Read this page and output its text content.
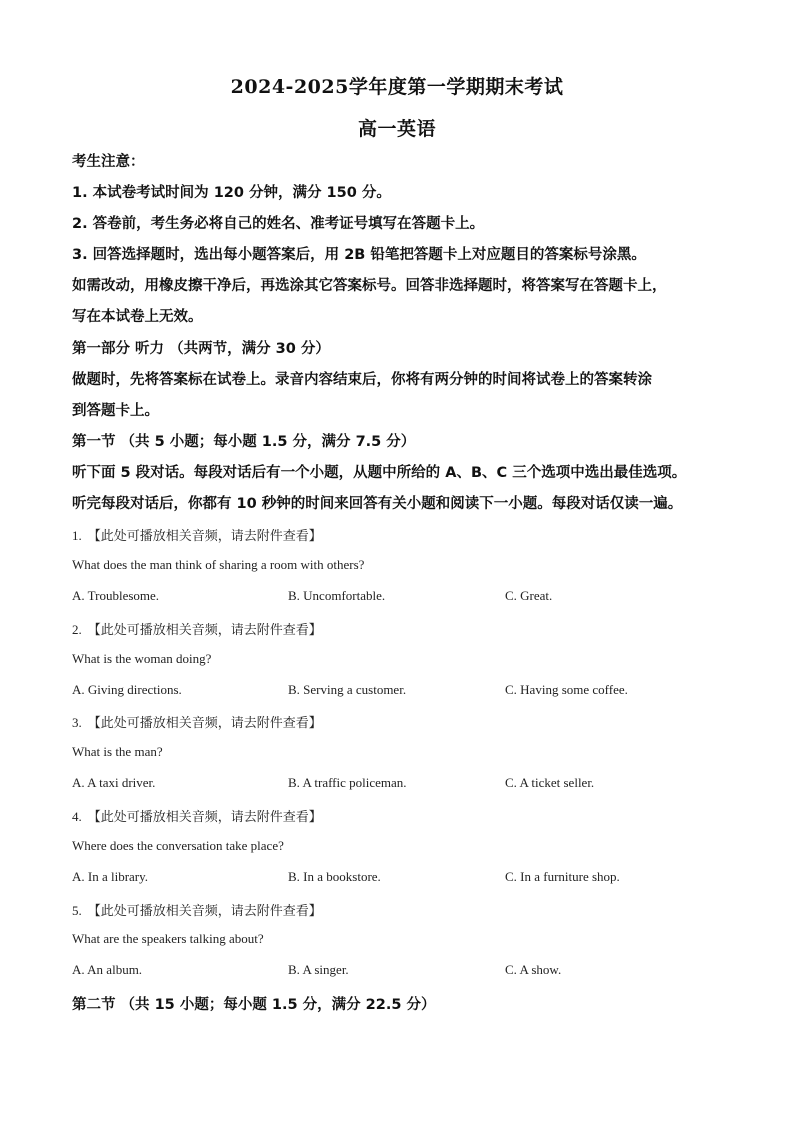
2024-2025学年度第一学期期末考试
高一英语
考生注意：
1. 本试卷考试时间为 120 分钟，满分 150 分。
2. 答卷前，考生务必将自己的姓名、准考证号填写在答题卡上。
3. 回答选择题时，选出每小题答案后，用 2B 铅笔把答题卡上对应题目的答案标号涂黑。
如需改动，用橡皮擦干净后，再选涂其它答案标号。回答非选择题时，将答案写在答题卡上，
写在本试卷上无效。
第一部分 听力 （共两节，满分 30 分）
做题时，先将答案标在试卷上。录音内容结束后，你将有两分钟的时间将试卷上的答案转涂
到答题卡上。
第一节 （共 5 小题；每小题 1.5 分，满分 7.5 分）
听下面 5 段对话。每段对话后有一个小题，从题中所给的 A、B、C 三个选项中选出最佳选项。
听完每段对话后，你都有 10 秒钟的时间来回答有关小题和阅读下一小题。每段对话仅读一遍。
1. 【此处可播放相关音频，请去附件查看】
What does the man think of sharing a room with others?
A. Troublesome.	B. Uncomfortable.	C. Great.
2. 【此处可播放相关音频，请去附件查看】
What is the woman doing?
A. Giving directions.	B. Serving a customer.	C. Having some coffee.
3. 【此处可播放相关音频，请去附件查看】
What is the man?
A. A taxi driver.	B. A traffic policeman.	C. A ticket seller.
4. 【此处可播放相关音频，请去附件查看】
Where does the conversation take place?
A. In a library.	B. In a bookstore.	C. In a furniture shop.
5. 【此处可播放相关音频，请去附件查看】
What are the speakers talking about?
A. An album.	B. A singer.	C. A show.
第二节 （共 15 小题；每小题 1.5 分，满分 22.5 分）
